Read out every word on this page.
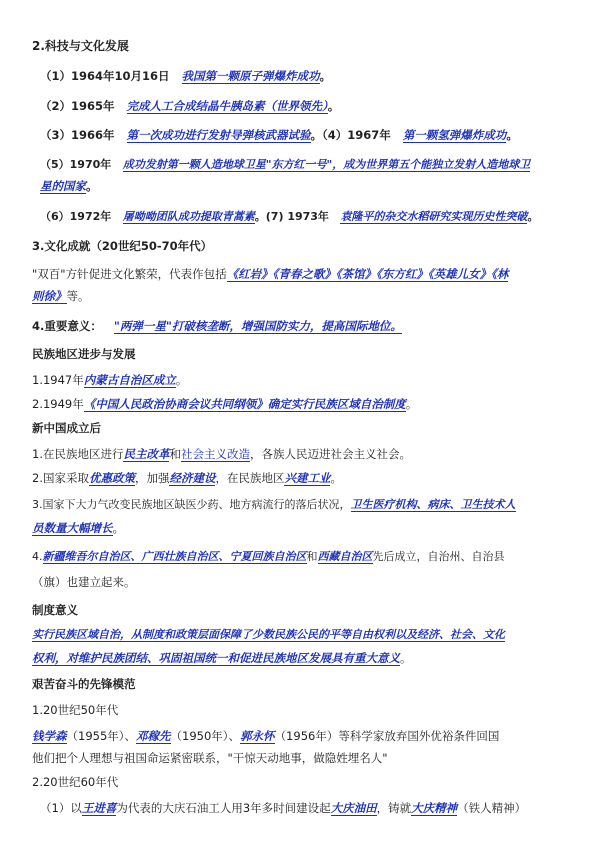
2.科技与文化发展
（1）1964年10月16日 我国第一颗原子弹爆炸成功。
（2）1965年 完成人工合成结晶牛胰岛素（世界领先）。
（3）1966年 第一次成功进行发射导弹核武器试验。（4）1967年 第一颗氢弹爆炸成功。
（5）1970年 成功发射第一颗人造地球卫星"东方红一号"，成为世界第五个能独立发射人造地球卫
星的国家。
（6）1972年 屠呦呦团队成功提取青蒿素。(7) 1973年 袁隆平的杂交水稻研究实现历史性突破。
3.文化成就（20世纪50-70年代）
"双百"方针促进文化繁荣，代表作包括《红岩》《青春之歌》《茶馆》《东方红》《英雄儿女》《林
则徐》等。
4.重要意义： "两弹一星"打破核垄断，增强国防实力，提高国际地位。
民族地区进步与发展
1.1947年内蒙古自治区成立。
2.1949年《中国人民政治协商会议共同纲领》确定实行民族区域自治制度。
新中国成立后
1.在民族地区进行民主改革和社会主义改造，各族人民迈进社会主义社会。
2.国家采取优惠政策，加强经济建设，在民族地区兴建工业。
3.国家下大力气改变民族地区缺医少药、地方病流行的落后状况，卫生医疗机构、病床、卫生技术人
员数量大幅增长。
4.新疆维吾尔自治区、广西壮族自治区、宁夏回族自治区和西藏自治区先后成立，自治州、自治县
（旗）也建立起来。
制度意义
实行民族区域自治，从制度和政策层面保障了少数民族公民的平等自由权利以及经济、社会、文化
权利，对维护民族团结、巩固祖国统一和促进民族地区发展具有重大意义。
艰苦奋斗的先锋模范
1.20世纪50年代
钱学森（1955年）、邓稼先（1950年）、郭永怀（1956年）等科学家放弃国外优裕条件回国
他们把个人理想与祖国命运紧密联系，"干惊天动地事，做隐姓埋名人"
2.20世纪60年代
（1）以王进喜为代表的大庆石油工人用3年多时间建设起大庆油田，铸就大庆精神（铁人精神）
